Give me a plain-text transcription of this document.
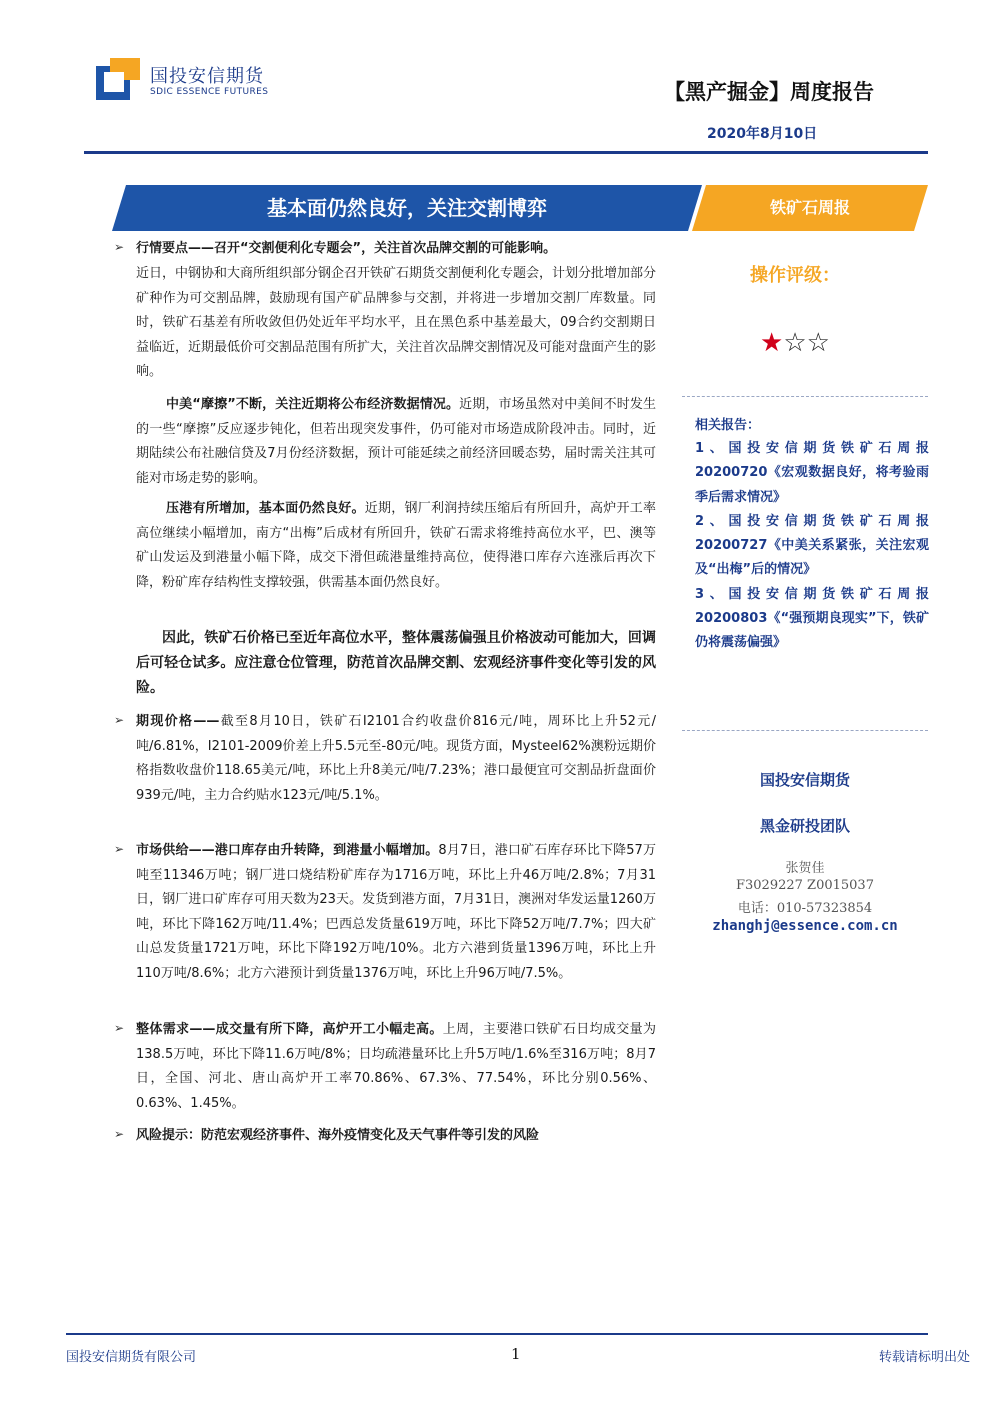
国投安信期货
SDIC ESSENCE FUTURES	【黑产掘金】周度报告
2020年8月10日
基本面仍然良好，关注交割博弈	铁矿石周报
➢ 行情要点——召开“交割便利化专题会”，关注首次品牌交割的可能影响。
近日，中钢协和大商所组织部分钢企召开铁矿石期货交割便利化专题会，计划分批增加部分矿种作为可交割品牌，鼓励现有国产矿品牌参与交割，并将进一步增加交割厂库数量。同时，铁矿石基差有所收敛但仍处近年平均水平，且在黑色系中基差最大，09合约交割期日益临近，近期最低价可交割品范围有所扩大，关注首次品牌交割情况及可能对盘面产生的影响。
中美“摩擦”不断，关注近期将公布经济数据情况。近期，市场虽然对中美间不时发生的一些“摩擦”反应逐步钝化，但若出现突发事件，仍可能对市场造成阶段冲击。同时，近期陆续公布社融信贷及7月份经济数据，预计可能延续之前经济回暖态势，届时需关注其可能对市场走势的影响。
压港有所增加，基本面仍然良好。近期，钢厂利润持续压缩后有所回升，高炉开工率高位继续小幅增加，南方“出梅”后成材有所回升，铁矿石需求将维持高位水平，巴、澳等矿山发运及到港量小幅下降，成交下滑但疏港量维持高位，使得港口库存六连涨后再次下降，粉矿库存结构性支撑较强，供需基本面仍然良好。
因此，铁矿石价格已至近年高位水平，整体震荡偏强且价格波动可能加大，回调后可轻仓试多。应注意仓位管理，防范首次品牌交割、宏观经济事件变化等引发的风险。
➢ 期现价格——截至8月10日，铁矿石I2101合约收盘价816元/吨，周环比上升52元/吨/6.81%，I2101-2009价差上升5.5元至-80元/吨。现货方面，Mysteel62%澳粉远期价格指数收盘价118.65美元/吨，环比上升8美元/吨/7.23%；港口最便宜可交割品折盘面价939元/吨，主力合约贴水123元/吨/5.1%。
➢ 市场供给——港口库存由升转降，到港量小幅增加。8月7日，港口矿石库存环比下降57万吨至11346万吨；钢厂进口烧结粉矿库存为1716万吨，环比上升46万吨/2.8%；7月31日，钢厂进口矿库存可用天数为23天。发货到港方面，7月31日，澳洲对华发运量1260万吨，环比下降162万吨/11.4%；巴西总发货量619万吨，环比下降52万吨/7.7%；四大矿山总发货量1721万吨，环比下降192万吨/10%。北方六港到货量1396万吨，环比上升110万吨/8.6%；北方六港预计到货量1376万吨，环比上升96万吨/7.5%。
➢ 整体需求——成交量有所下降，高炉开工小幅走高。上周，主要港口铁矿石日均成交量为138.5万吨，环比下降11.6万吨/8%；日均疏港量环比上升5万吨/1.6%至316万吨；8月7日，全国、河北、唐山高炉开工率70.86%、67.3%、77.54%，环比分别0.56%、0.63%、1.45%。
➢ 风险提示：防范宏观经济事件、海外疫情变化及天气事件等引发的风险
操作评级：
★☆☆
相关报告：
1、国投安信期货铁矿石周报20200720《宏观数据良好，将考验雨季后需求情况》
2、国投安信期货铁矿石周报20200727《中美关系紧张，关注宏观及“出梅”后的情况》
3、国投安信期货铁矿石周报20200803《“强预期良现实”下，铁矿仍将震荡偏强》
国投安信期货
黑金研投团队
张贺佳
F3029227 Z0015037
电话：010-57323854
zhanghj@essence.com.cn
国投安信期货有限公司	1	转载请标明出处
